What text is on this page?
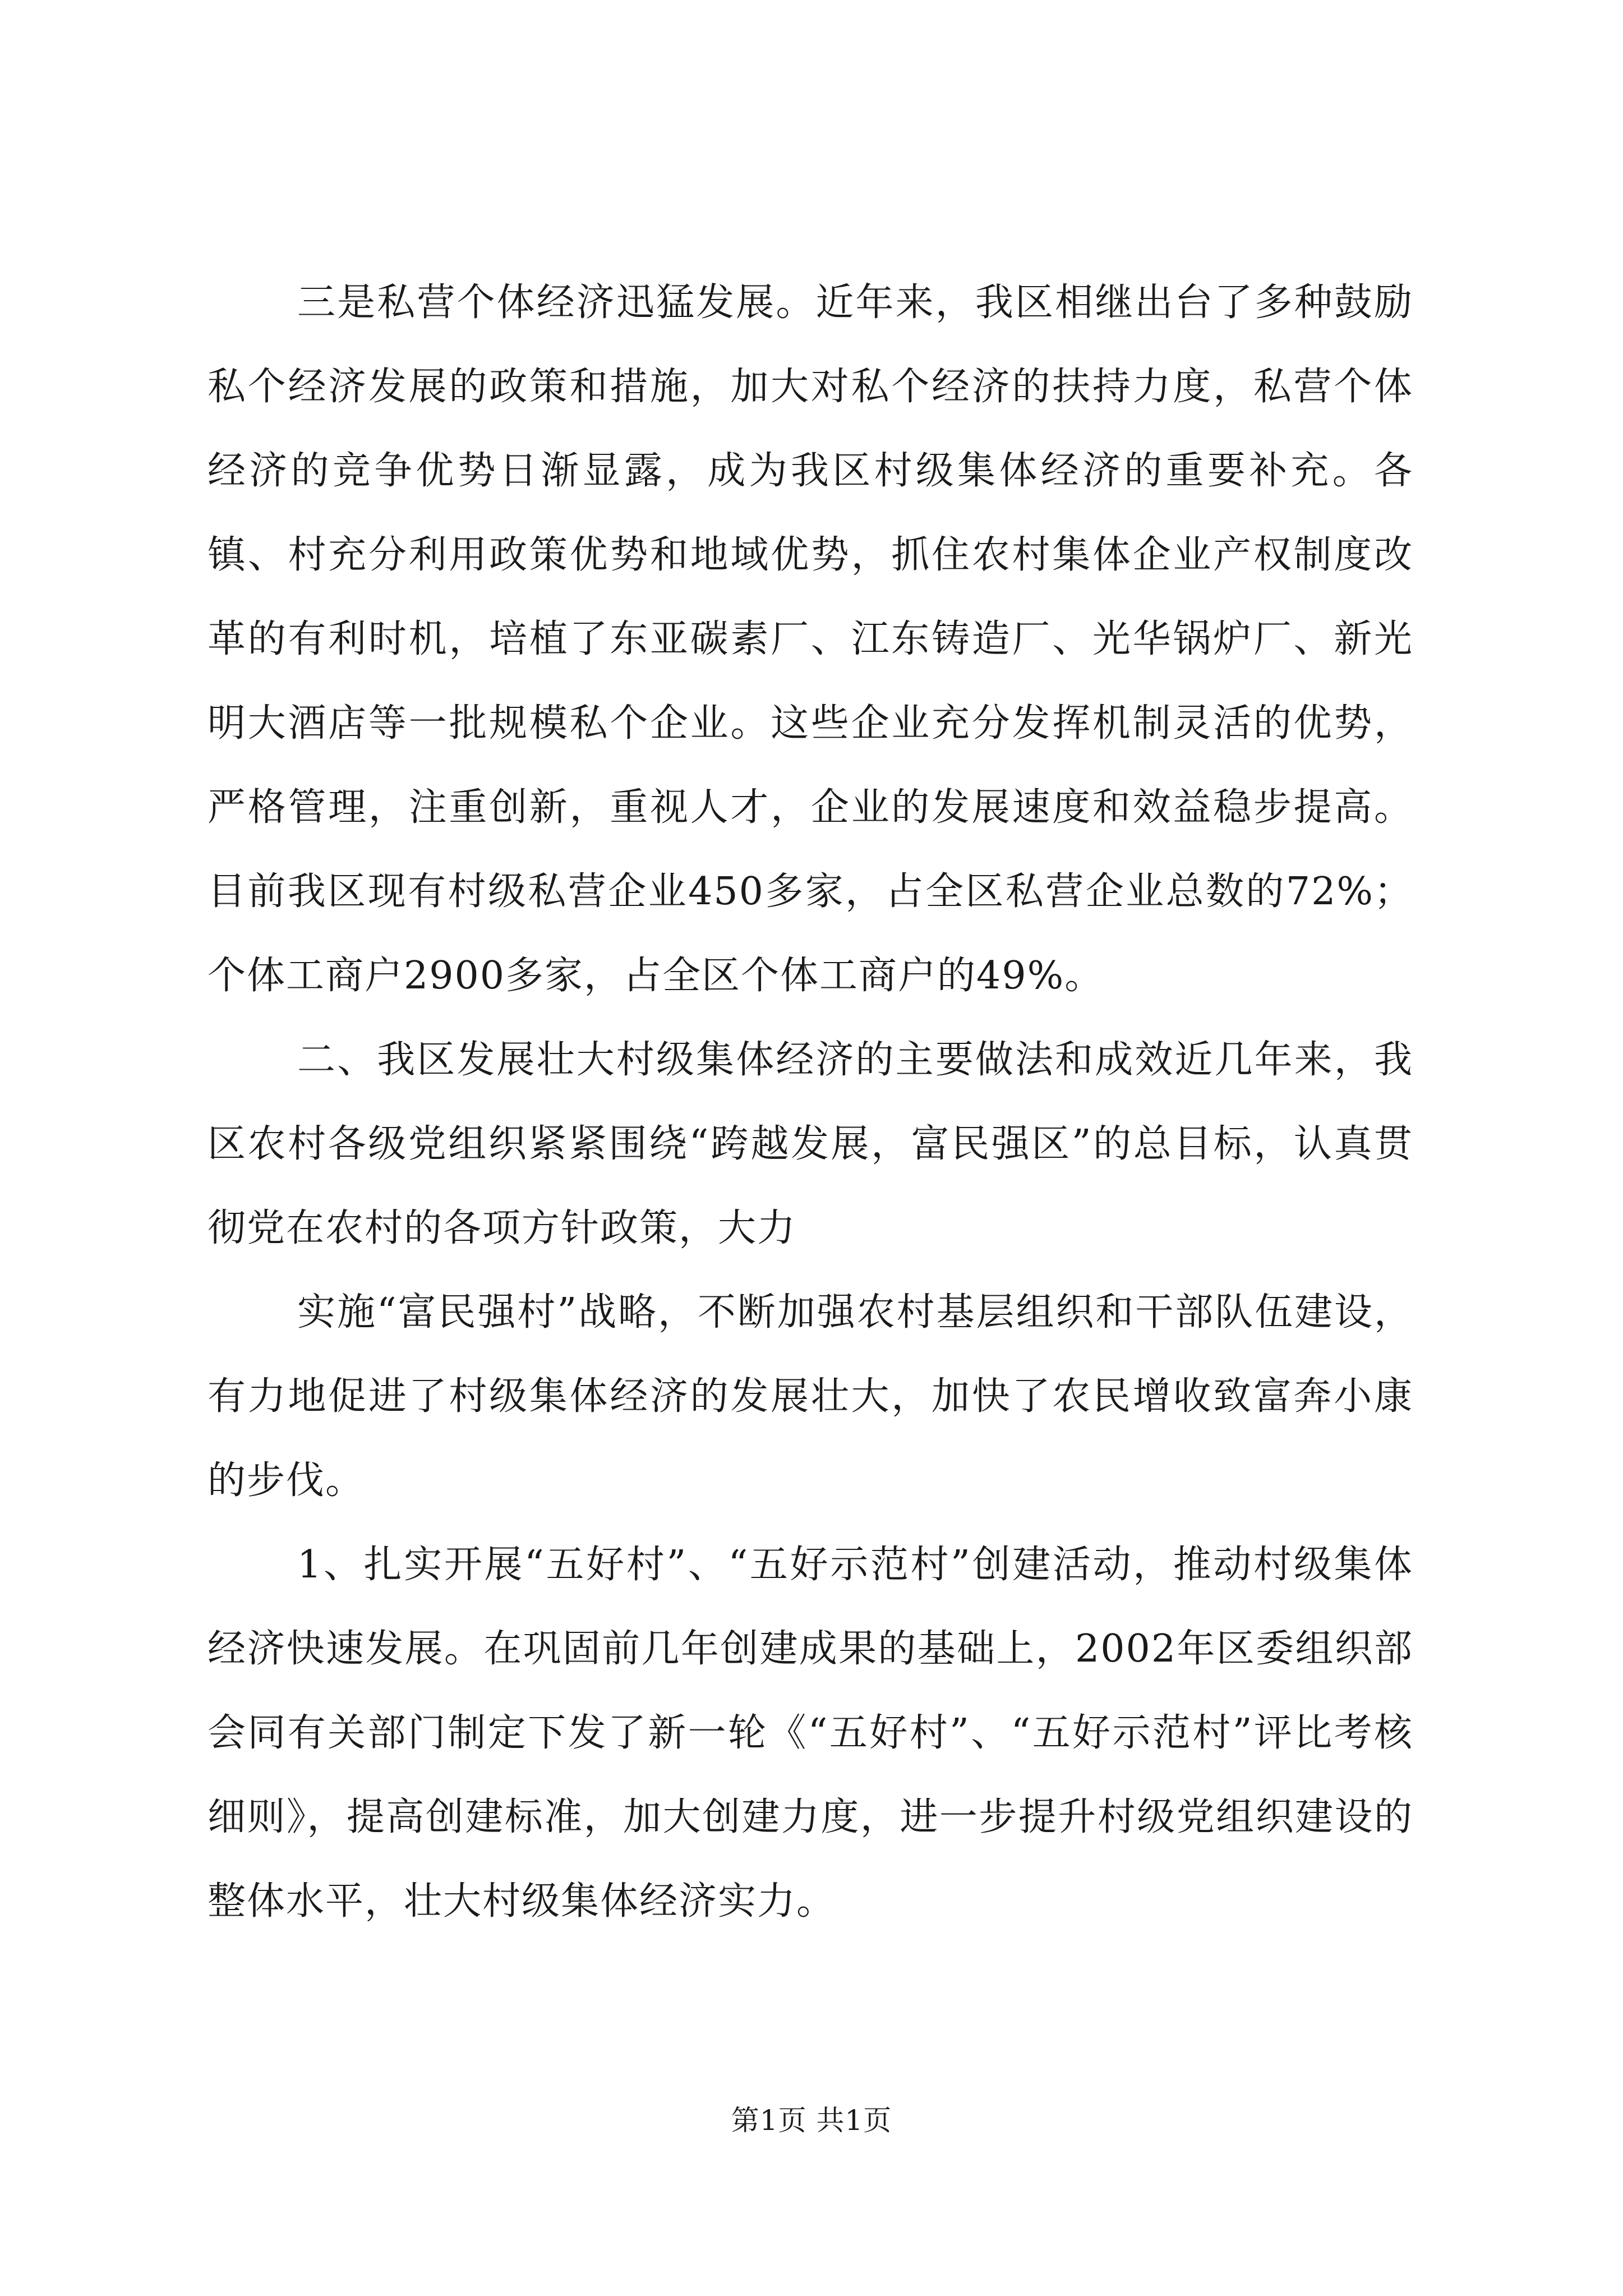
三是私营个体经济迅猛发展。近年来，我区相继出台了多种鼓励私个经济发展的政策和措施，加大对私个经济的扶持力度，私营个体经济的竞争优势日渐显露，成为我区村级集体经济的重要补充。各镇、村充分利用政策优势和地域优势，抓住农村集体企业产权制度改革的有利时机，培植了东亚碳素厂、江东铸造厂、光华锅炉厂、新光明大酒店等一批规模私个企业。这些企业充分发挥机制灵活的优势，严格管理，注重创新，重视人才，企业的发展速度和效益稳步提高。目前我区现有村级私营企业450多家，占全区私营企业总数的72%；个体工商户2900多家，占全区个体工商户的49%。

二、我区发展壮大村级集体经济的主要做法和成效近几年来，我区农村各级党组织紧紧围绕“跨越发展，富民强区”的总目标，认真贯彻党在农村的各项方针政策，大力

实施“富民强村”战略，不断加强农村基层组织和干部队伍建设，有力地促进了村级集体经济的发展壮大，加快了农民增收致富奔小康的步伐。

1、扎实开展“五好村”、“五好示范村”创建活动，推动村级集体经济快速发展。在巩固前几年创建成果的基础上，2002年区委组织部会同有关部门制定下发了新一轮《“五好村”、“五好示范村”评比考核细则》，提高创建标准，加大创建力度，进一步提升村级党组织建设的整体水平，壮大村级集体经济实力。

第1页 共1页
